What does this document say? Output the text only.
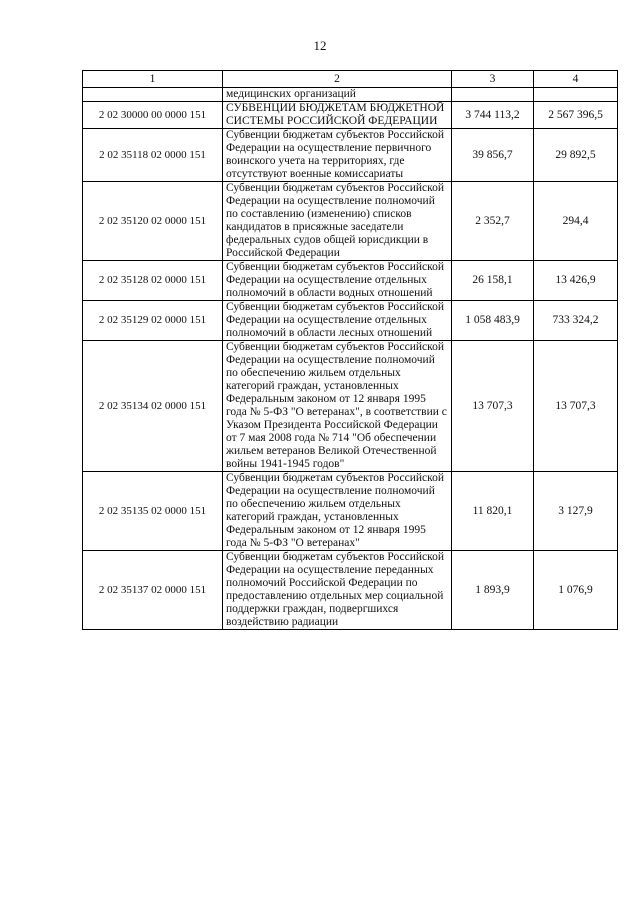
12
1	2	3	4
	медицинских организаций		
2 02 30000 00 0000 151	СУБВЕНЦИИ БЮДЖЕТАМ БЮДЖЕТНОЙ СИСТЕМЫ РОССИЙСКОЙ ФЕДЕРАЦИИ	3 744 113,2	2 567 396,5
2 02 35118 02 0000 151	Субвенции бюджетам субъектов Российской Федерации на осуществление первичного воинского учета на территориях, где отсутствуют военные комиссариаты	39 856,7	29 892,5
2 02 35120 02 0000 151	Субвенции бюджетам субъектов Российской Федерации на осуществление полномочий по составлению (изменению) списков кандидатов в присяжные заседатели федеральных судов общей юрисдикции в Российской Федерации	2 352,7	294,4
2 02 35128 02 0000 151	Субвенции бюджетам субъектов Российской Федерации на осуществление отдельных полномочий в области водных отношений	26 158,1	13 426,9
2 02 35129 02 0000 151	Субвенции бюджетам субъектов Российской Федерации на осуществление отдельных полномочий в области лесных отношений	1 058 483,9	733 324,2
2 02 35134 02 0000 151	Субвенции бюджетам субъектов Российской Федерации на осуществление полномочий по обеспечению жильем отдельных категорий граждан, установленных Федеральным законом от 12 января 1995 года № 5-ФЗ "О ветеранах", в соответствии с Указом Президента Российской Федерации от 7 мая 2008 года № 714 "Об обеспечении жильем ветеранов Великой Отечественной войны 1941-1945 годов"	13 707,3	13 707,3
2 02 35135 02 0000 151	Субвенции бюджетам субъектов Российской Федерации на осуществление полномочий по обеспечению жильем отдельных категорий граждан, установленных Федеральным законом от 12 января 1995 года № 5-ФЗ "О ветеранах"	11 820,1	3 127,9
2 02 35137 02 0000 151	Субвенции бюджетам субъектов Российской Федерации на осуществление переданных полномочий Российской Федерации по предоставлению отдельных мер социальной поддержки граждан, подвергшихся воздействию радиации	1 893,9	1 076,9
